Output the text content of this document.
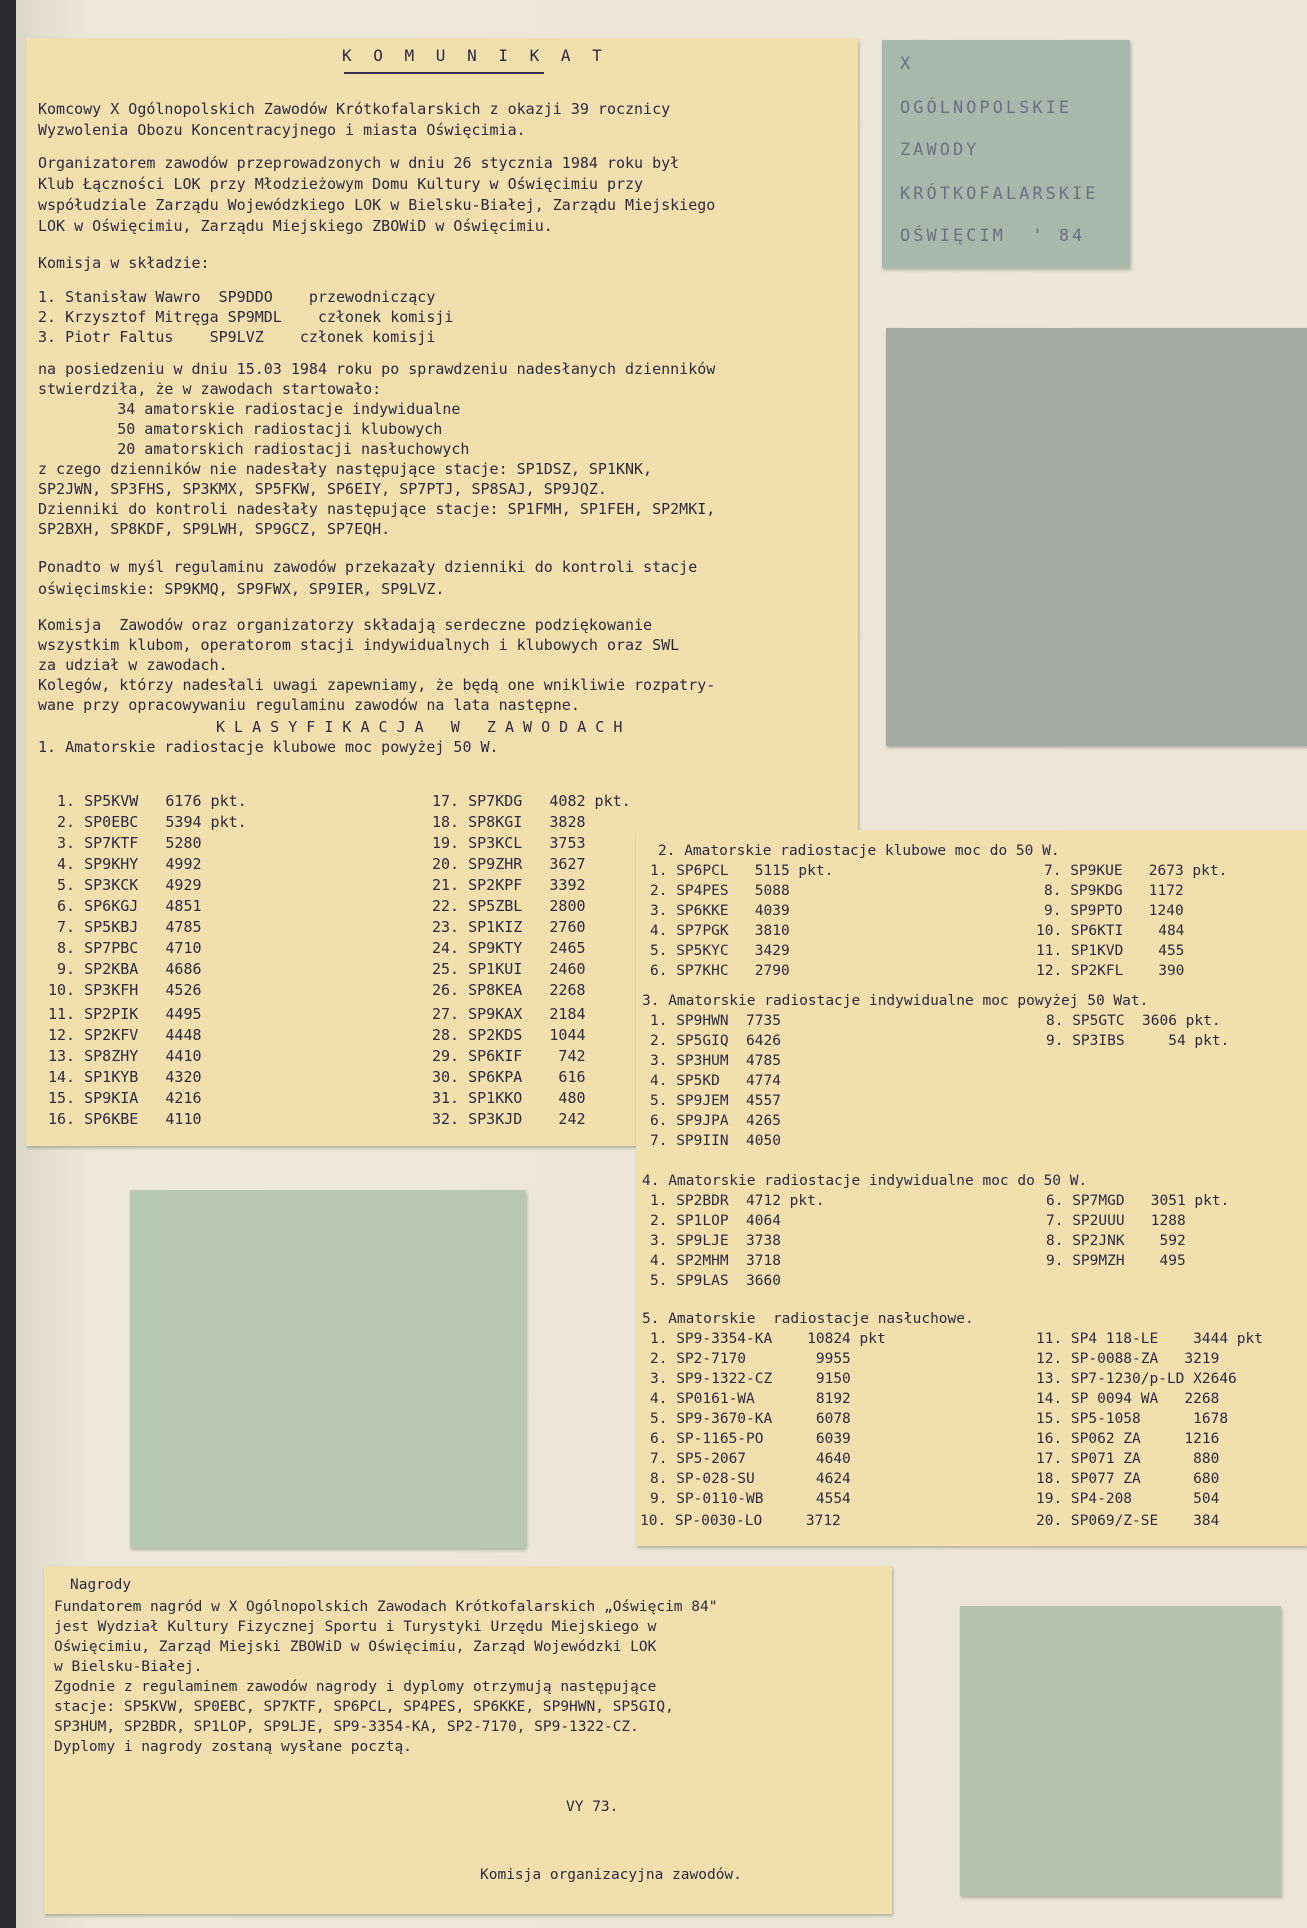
K O M U N I K A T
Komcowy X Ogólnopolskich Zawodów Krótkofalarskich z okazji 39 rocznicy
Wyzwolenia Obozu Koncentracyjnego i miasta Oświęcimia.
Organizatorem zawodów przeprowadzonych w dniu 26 stycznia 1984 roku był
Klub Łączności LOK przy Młodzieżowym Domu Kultury w Oświęcimiu przy
współudziale Zarządu Wojewódzkiego LOK w Bielsku-Białej, Zarządu Miejskiego
LOK w Oświęcimiu, Zarządu Miejskiego ZBOWiD w Oświęcimiu.
Komisja w składzie:
1. Stanisław Wawro  SP9DDO    przewodniczący
2. Krzysztof Mitręga SP9MDL    członek komisji
3. Piotr Faltus    SP9LVZ    członek komisji
na posiedzeniu w dniu 15.03 1984 roku po sprawdzeniu nadesłanych dzienników
stwierdziła, że w zawodach startowało:
34 amatorskie radiostacje indywidualne
50 amatorskich radiostacji klubowych
20 amatorskich radiostacji nasłuchowych
z czego dzienników nie nadesłały następujące stacje: SP1DSZ, SP1KNK,
SP2JWN, SP3FHS, SP3KMX, SP5FKW, SP6EIY, SP7PTJ, SP8SAJ, SP9JQZ.
Dzienniki do kontroli nadesłały następujące stacje: SP1FMH, SP1FEH, SP2MKI,
SP2BXH, SP8KDF, SP9LWH, SP9GCZ, SP7EQH.
Ponadto w myśl regulaminu zawodów przekazały dzienniki do kontroli stacje
oświęcimskie: SP9KMQ, SP9FWX, SP9IER, SP9LVZ.
Komisja  Zawodów oraz organizatorzy składają serdeczne podziękowanie
wszystkim klubom, operatorom stacji indywidualnych i klubowych oraz SWL
za udział w zawodach.
Kolegów, którzy nadesłali uwagi zapewniamy, że będą one wnikliwie rozpatry-
wane przy opracowywaniu regulaminu zawodów na lata następne.
K L A S Y F I K A C J A   W   Z A W O D A C H
1. Amatorskie radiostacje klubowe moc powyżej 50 W.
1. SP5KVW   6176 pkt.
2. SP0EBC   5394 pkt.
3. SP7KTF   5280
4. SP9KHY   4992
5. SP3KCK   4929
6. SP6KGJ   4851
7. SP5KBJ   4785
8. SP7PBC   4710
9. SP2KBA   4686
10. SP3KFH   4526
11. SP2PIK   4495
12. SP2KFV   4448
13. SP8ZHY   4410
14. SP1KYB   4320
15. SP9KIA   4216
16. SP6KBE   4110
17. SP7KDG   4082 pkt.
18. SP8KGI   3828
19. SP3KCL   3753
20. SP9ZHR   3627
21. SP2KPF   3392
22. SP5ZBL   2800
23. SP1KIZ   2760
24. SP9KTY   2465
25. SP1KUI   2460
26. SP8KEA   2268
27. SP9KAX   2184
28. SP2KDS   1044
29. SP6KIF    742
30. SP6KPA    616
31. SP1KKO    480
32. SP3KJD    242
X
OGÓLNOPOLSKIE
ZAWODY
KRÓTKOFALARSKIE
OŚWIĘCIM  ' 84
2. Amatorskie radiostacje klubowe moc do 50 W.
1. SP6PCL   5115 pkt.
2. SP4PES   5088
3. SP6KKE   4039
4. SP7PGK   3810
5. SP5KYC   3429
6. SP7KHC   2790
7. SP9KUE   2673 pkt.
8. SP9KDG   1172
9. SP9PTO   1240
10. SP6KTI    484
11. SP1KVD    455
12. SP2KFL    390
3. Amatorskie radiostacje indywidualne moc powyżej 50 Wat.
1. SP9HWN  7735
2. SP5GIQ  6426
3. SP3HUM  4785
4. SP5KD   4774
5. SP9JEM  4557
6. SP9JPA  4265
7. SP9IIN  4050
8. SP5GTC  3606 pkt.
9. SP3IBS     54 pkt.
4. Amatorskie radiostacje indywidualne moc do 50 W.
1. SP2BDR  4712 pkt.
2. SP1LOP  4064
3. SP9LJE  3738
4. SP2MHM  3718
5. SP9LAS  3660
6. SP7MGD   3051 pkt.
7. SP2UUU   1288
8. SP2JNK    592
9. SP9MZH    495
5. Amatorskie  radiostacje nasłuchowe.
1. SP9-3354-KA    10824 pkt
2. SP2-7170        9955
3. SP9-1322-CZ     9150
4. SP0161-WA       8192
5. SP9-3670-KA     6078
6. SP-1165-PO      6039
7. SP5-2067        4640
8. SP-028-SU       4624
9. SP-0110-WB      4554
10. SP-0030-LO     3712
11. SP4 118-LE    3444 pkt
12. SP-0088-ZA   3219
13. SP7-1230/p-LD X2646
14. SP 0094 WA   2268
15. SP5-1058      1678
16. SP062 ZA     1216
17. SP071 ZA      880
18. SP077 ZA      680
19. SP4-208       504
20. SP069/Z-SE    384
Nagrody
Fundatorem nagród w X Ogólnopolskich Zawodach Krótkofalarskich „Oświęcim 84"
jest Wydział Kultury Fizycznej Sportu i Turystyki Urzędu Miejskiego w
Oświęcimiu, Zarząd Miejski ZBOWiD w Oświęcimiu, Zarząd Wojewódzki LOK
w Bielsku-Białej.
Zgodnie z regulaminem zawodów nagrody i dyplomy otrzymują następujące
stacje: SP5KVW, SP0EBC, SP7KTF, SP6PCL, SP4PES, SP6KKE, SP9HWN, SP5GIQ,
SP3HUM, SP2BDR, SP1LOP, SP9LJE, SP9-3354-KA, SP2-7170, SP9-1322-CZ.
Dyplomy i nagrody zostaną wysłane pocztą.
VY 73.
Komisja organizacyjna zawodów.
